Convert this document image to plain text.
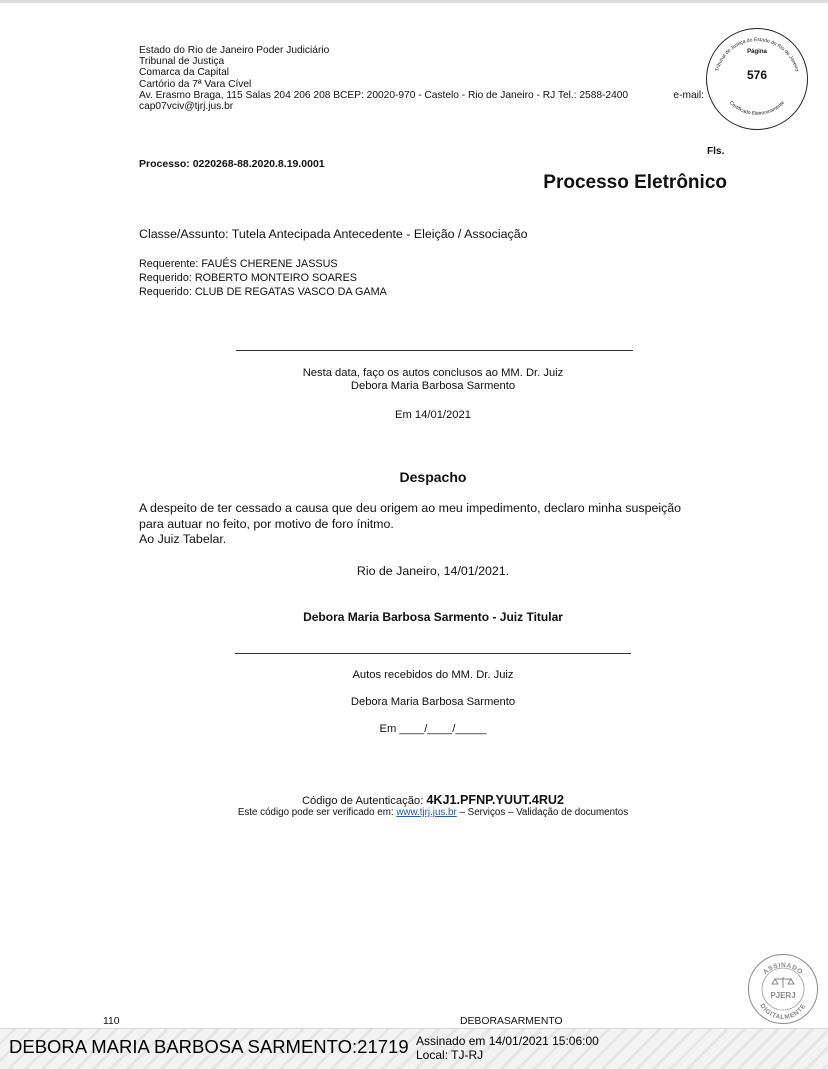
Estado do Rio de Janeiro Poder Judiciário
Tribunal de Justiça
Comarca da Capital
Cartório da 7ª Vara Cível
Av. Erasmo Braga, 115 Salas 204 206 208 BCEP: 20020-970 - Castelo - Rio de Janeiro - RJ Tel.: 2588-2400	e-mail:
cap07vciv@tjrj.jus.br
Tribunal de Justiça do Estado do Rio de Janeiro
Certificado Eletronicamente
Página
576
Fls.
Processo: 0220268-88.2020.8.19.0001
Processo Eletrônico
Classe/Assunto: Tutela Antecipada Antecedente - Eleição / Associação
Requerente: FAUÉS CHERENE JASSUS
Requerido: ROBERTO MONTEIRO SOARES
Requerido: CLUB DE REGATAS VASCO DA GAMA
Nesta data, faço os autos conclusos ao MM. Dr. Juiz
Debora Maria Barbosa Sarmento
Em 14/01/2021
Despacho
A despeito de ter cessado a causa que deu origem ao meu impedimento, declaro minha suspeição
para autuar no feito, por motivo de foro ínitmo.
Ao Juiz Tabelar.
Rio de Janeiro, 14/01/2021.
Debora Maria Barbosa Sarmento - Juiz Titular
Autos recebidos do MM. Dr. Juiz
Debora Maria Barbosa Sarmento
Em ____/____/_____
Código de Autenticação: 4KJ1.PFNP.YUUT.4RU2
Este código pode ser verificado em: www.tjrj.jus.br – Serviços – Validação de documentos
ASSINADO
DIGITALMENTE
PJERJ
110	DEBORASARMENTO
DEBORA MARIA BARBOSA SARMENTO:21719 Assinado em 14/01/2021 15:06:00
Local: TJ-RJ
